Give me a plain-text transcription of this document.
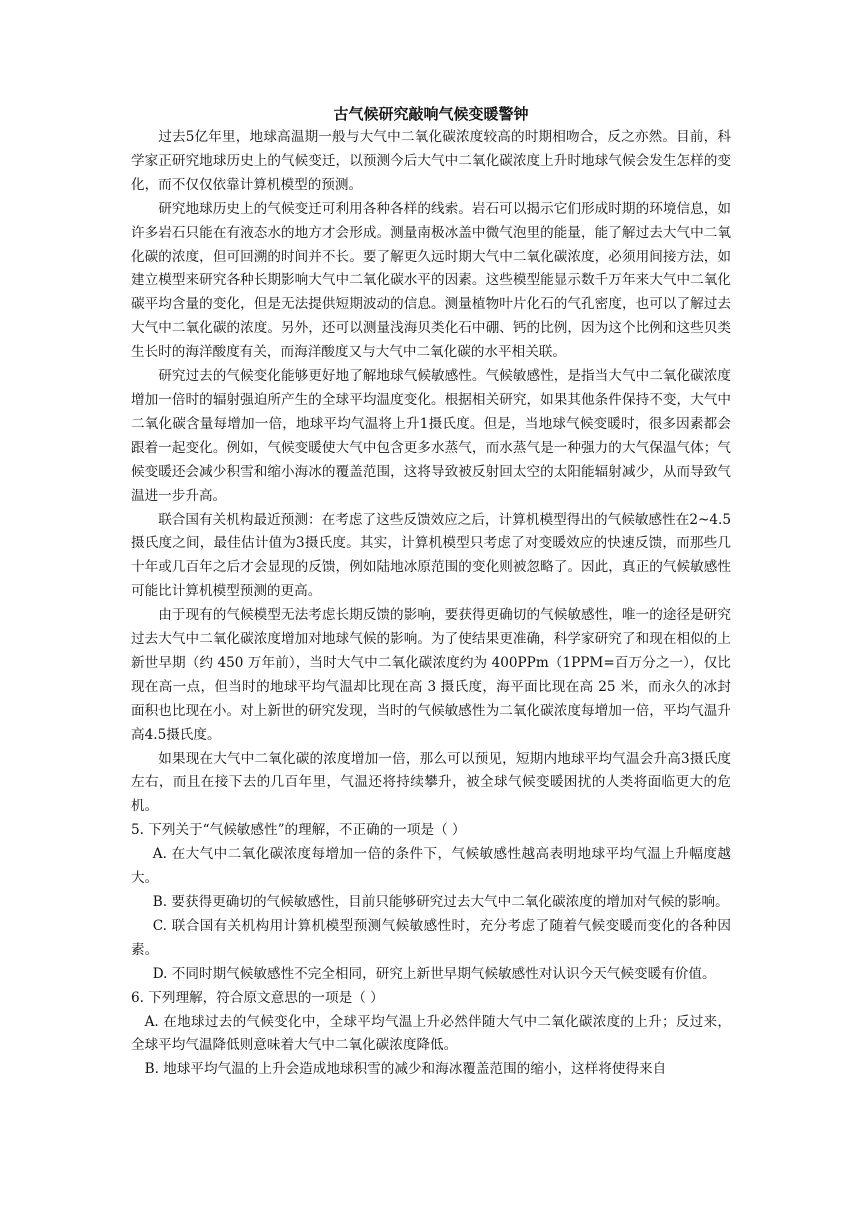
古气候研究敲响气候变暖警钟

过去5亿年里，地球高温期一般与大气中二氧化碳浓度较高的时期相吻合，反之亦然。目前，科学家正研究地球历史上的气候变迁，以预测今后大气中二氧化碳浓度上升时地球气候会发生怎样的变化，而不仅仅依靠计算机模型的预测。

研究地球历史上的气候变迁可利用各种各样的线索。岩石可以揭示它们形成时期的环境信息，如许多岩石只能在有液态水的地方才会形成。测量南极冰盖中微气泡里的能量，能了解过去大气中二氧化碳的浓度，但可回溯的时间并不长。要了解更久远时期大气中二氧化碳浓度，必须用间接方法，如建立模型来研究各种长期影响大气中二氧化碳水平的因素。这些模型能显示数千万年来大气中二氧化碳平均含量的变化，但是无法提供短期波动的信息。测量植物叶片化石的气孔密度，也可以了解过去大气中二氧化碳的浓度。另外，还可以测量浅海贝类化石中硼、钙的比例，因为这个比例和这些贝类生长时的海洋酸度有关，而海洋酸度又与大气中二氧化碳的水平相关联。

研究过去的气候变化能够更好地了解地球气候敏感性。气候敏感性，是指当大气中二氧化碳浓度增加一倍时的辐射强迫所产生的全球平均温度变化。根据相关研究，如果其他条件保持不变，大气中二氧化碳含量每增加一倍，地球平均气温将上升1摄氏度。但是，当地球气候变暖时，很多因素都会跟着一起变化。例如，气候变暖使大气中包含更多水蒸气，而水蒸气是一种强力的大气保温气体；气候变暖还会减少积雪和缩小海冰的覆盖范围，这将导致被反射回太空的太阳能辐射减少，从而导致气温进一步升高。

联合国有关机构最近预测：在考虑了这些反馈效应之后，计算机模型得出的气候敏感性在2~4.5摄氏度之间，最佳估计值为3摄氏度。其实，计算机模型只考虑了对变暖效应的快速反馈，而那些几十年或几百年之后才会显现的反馈，例如陆地冰原范围的变化则被忽略了。因此，真正的气候敏感性可能比计算机模型预测的更高。

由于现有的气候模型无法考虑长期反馈的影响，要获得更确切的气候敏感性，唯一的途径是研究过去大气中二氧化碳浓度增加对地球气候的影响。为了使结果更准确，科学家研究了和现在相似的上新世早期（约 450 万年前），当时大气中二氧化碳浓度约为 400PPm（1PPM=百万分之一），仅比现在高一点，但当时的地球平均气温却比现在高 3 摄氏度，海平面比现在高 25 米，而永久的冰封面积也比现在小。对上新世的研究发现，当时的气候敏感性为二氧化碳浓度每增加一倍，平均气温升高4.5摄氏度。

如果现在大气中二氧化碳的浓度增加一倍，那么可以预见，短期内地球平均气温会升高3摄氏度左右，而且在接下去的几百年里，气温还将持续攀升，被全球气候变暖困扰的人类将面临更大的危机。

5. 下列关于“气候敏感性”的理解，不正确的一项是（ ）

A. 在大气中二氧化碳浓度每增加一倍的条件下，气候敏感性越高表明地球平均气温上升幅度越大。

B. 要获得更确切的气候敏感性，目前只能够研究过去大气中二氧化碳浓度的增加对气候的影响。

C. 联合国有关机构用计算机模型预测气候敏感性时，充分考虑了随着气候变暖而变化的各种因素。

D. 不同时期气候敏感性不完全相同，研究上新世早期气候敏感性对认识今天气候变暖有价值。

6. 下列理解，符合原文意思的一项是（ ）

A. 在地球过去的气候变化中，全球平均气温上升必然伴随大气中二氧化碳浓度的上升；反过来，全球平均气温降低则意味着大气中二氧化碳浓度降低。

B. 地球平均气温的上升会造成地球积雪的减少和海冰覆盖范围的缩小，这样将使得来自
